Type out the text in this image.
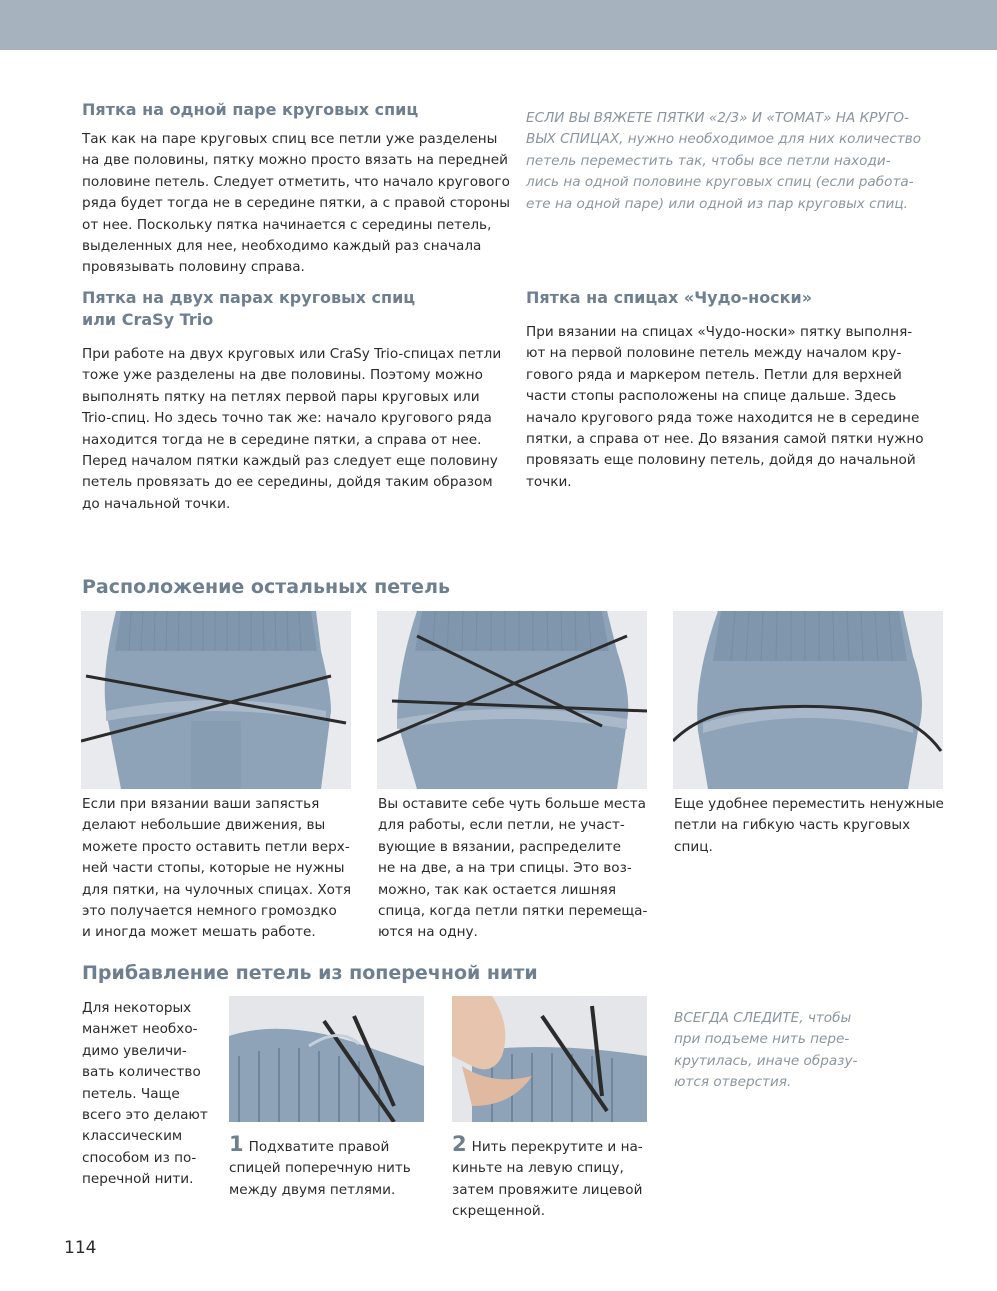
Пятка на одной паре круговых спиц
Так как на паре круговых спиц все петли уже разделены
на две половины, пятку можно просто вязать на передней
половине петель. Следует отметить, что начало кругового
ряда будет тогда не в середине пятки, а с правой стороны
от нее. Поскольку пятка начинается с середины петель,
выделенных для нее, необходимо каждый раз сначала
провязывать половину справа.
ЕСЛИ ВЫ ВЯЖЕТЕ ПЯТКИ «2/3» И «ТОМАТ» НА КРУГО-
ВЫХ СПИЦАХ, нужно необходимое для них количество
петель переместить так, чтобы все петли находи-
лись на одной половине круговых спиц (если работа-
ете на одной паре) или одной из пар круговых спиц.
Пятка на двух парах круговых спиц
или CraSy Trio
При работе на двух круговых или CraSy Trio-спицах петли
тоже уже разделены на две половины. Поэтому можно
выполнять пятку на петлях первой пары круговых или
Trio-спиц. Но здесь точно так же: начало кругового ряда
находится тогда не в середине пятки, а справа от нее.
Перед началом пятки каждый раз следует еще половину
петель провязать до ее середины, дойдя таким образом
до начальной точки.
Пятка на спицах «Чудо-носки»
При вязании на спицах «Чудо-носки» пятку выполня-
ют на первой половине петель между началом кру-
гового ряда и маркером петель. Петли для верхней
части стопы расположены на спице дальше. Здесь
начало кругового ряда тоже находится не в середине
пятки, а справа от нее. До вязания самой пятки нужно
провязать еще половину петель, дойдя до начальной
точки.
Расположение остальных петель
Если при вязании ваши запястья
делают небольшие движения, вы
можете просто оставить петли верх-
ней части стопы, которые не нужны
для пятки, на чулочных спицах. Хотя
это получается немного громоздко
и иногда может мешать работе.
Вы оставите себе чуть больше места
для работы, если петли, не участ-
вующие в вязании, распределите
не на две, а на три спицы. Это воз-
можно, так как остается лишняя
спица, когда петли пятки перемеща-
ются на одну.
Еще удобнее переместить ненужные
петли на гибкую часть круговых
спиц.
Прибавление петель из поперечной нити
Для некоторых
манжет необхо-
димо увеличи-
вать количество
петель. Чаще
всего это делают
классическим
способом из по-
перечной нити.
1 Подхватите правой
спицей поперечную нить
между двумя петлями.
2 Нить перекрутите и на-
киньте на левую спицу,
затем провяжите лицевой
скрещенной.
ВСЕГДА СЛЕДИТЕ, чтобы
при подъеме нить пере-
крутилась, иначе образу-
ются отверстия.
114
